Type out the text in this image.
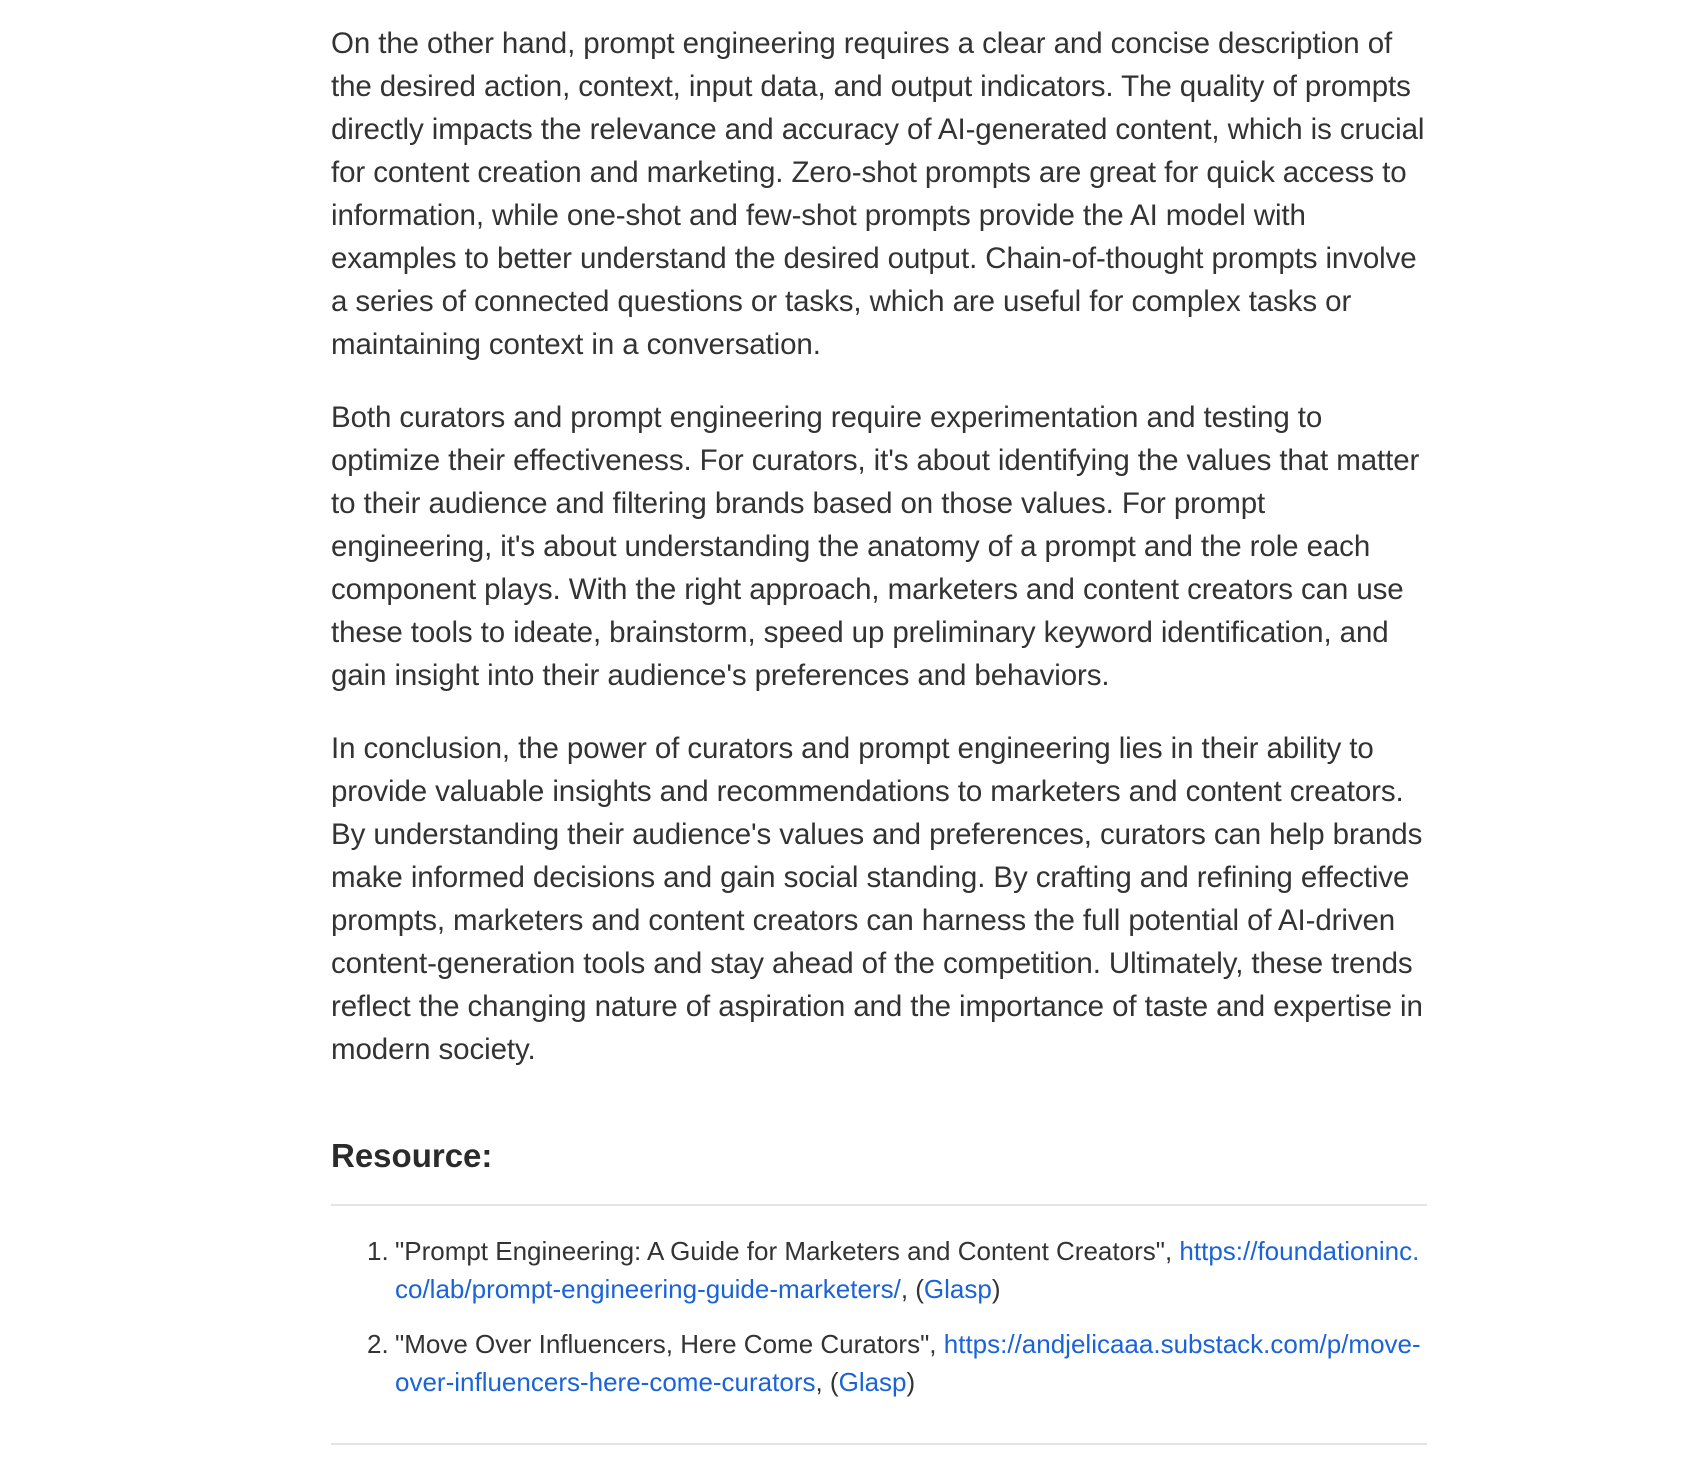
On the other hand, prompt engineering requires a clear and concise description of the desired action, context, input data, and output indicators. The quality of prompts directly impacts the relevance and accuracy of AI-generated content, which is crucial for content creation and marketing. Zero-shot prompts are great for quick access to information, while one-shot and few-shot prompts provide the AI model with examples to better understand the desired output. Chain-of-thought prompts involve a series of connected questions or tasks, which are useful for complex tasks or maintaining context in a conversation.

Both curators and prompt engineering require experimentation and testing to optimize their effectiveness. For curators, it's about identifying the values that matter to their audience and filtering brands based on those values. For prompt engineering, it's about understanding the anatomy of a prompt and the role each component plays. With the right approach, marketers and content creators can use these tools to ideate, brainstorm, speed up preliminary keyword identification, and gain insight into their audience's preferences and behaviors.

In conclusion, the power of curators and prompt engineering lies in their ability to provide valuable insights and recommendations to marketers and content creators. By understanding their audience's values and preferences, curators can help brands make informed decisions and gain social standing. By crafting and refining effective prompts, marketers and content creators can harness the full potential of AI-driven content-generation tools and stay ahead of the competition. Ultimately, these trends reflect the changing nature of aspiration and the importance of taste and expertise in modern society.

Resource:
1. "Prompt Engineering: A Guide for Marketers and Content Creators", https://foundationinc.co/lab/prompt-engineering-guide-marketers/, (Glasp)
2. "Move Over Influencers, Here Come Curators", https://andjelicaaa.substack.com/p/move-over-influencers-here-come-curators, (Glasp)
